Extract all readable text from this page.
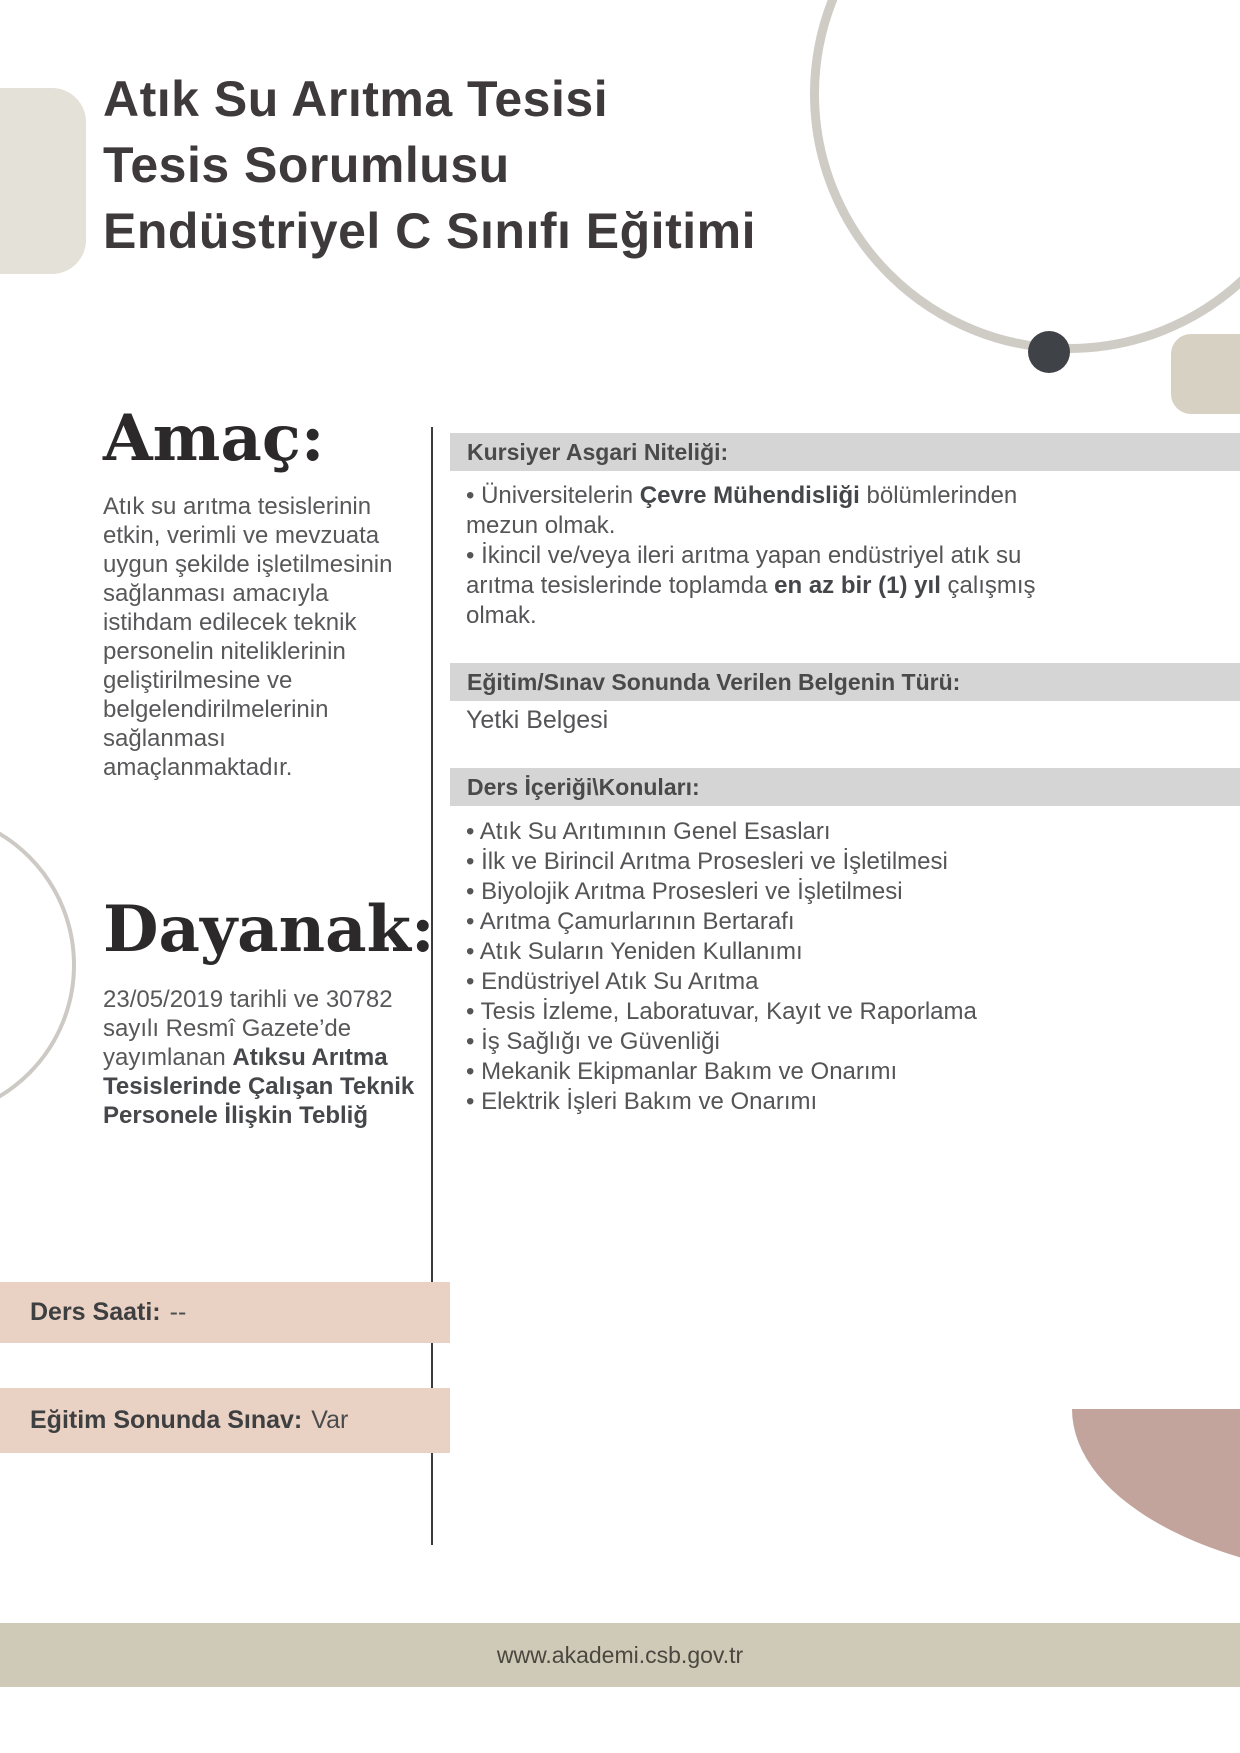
Atık Su Arıtma Tesisi
Tesis Sorumlusu
Endüstriyel C Sınıfı Eğitimi
Amaç:
Atık su arıtma tesislerinin etkin, verimli ve mevzuata uygun şekilde işletilmesinin sağlanması amacıyla istihdam edilecek teknik personelin niteliklerinin geliştirilmesine ve belgelendirilmelerinin sağlanması amaçlanmaktadır.
Dayanak:
23/05/2019 tarihli ve 30782 sayılı Resmî Gazete’de yayımlanan Atıksu Arıtma Tesislerinde Çalışan Teknik Personele İlişkin Tebliğ
Kursiyer Asgari Niteliği:

• Üniversitelerin Çevre Mühendisliği bölümlerinden mezun olmak.

• İkincil ve/veya ileri arıtma yapan endüstriyel atık su arıtma tesislerinde toplamda en az bir (1) yıl çalışmış olmak.

Eğitim/Sınav Sonunda Verilen Belgenin Türü:
Yetki Belgesi
Ders İçeriği\Konuları:
• Atık Su Arıtımının Genel Esasları
• İlk ve Birincil Arıtma Prosesleri ve İşletilmesi
• Biyolojik Arıtma Prosesleri ve İşletilmesi
• Arıtma Çamurlarının Bertarafı
• Atık Suların Yeniden Kullanımı
• Endüstriyel Atık Su Arıtma
• Tesis İzleme, Laboratuvar, Kayıt ve Raporlama
• İş Sağlığı ve Güvenliği
• Mekanik Ekipmanlar Bakım ve Onarımı
• Elektrik İşleri Bakım ve Onarımı
Ders Saati: --
Eğitim Sonunda Sınav: Var
www.akademi.csb.gov.tr
